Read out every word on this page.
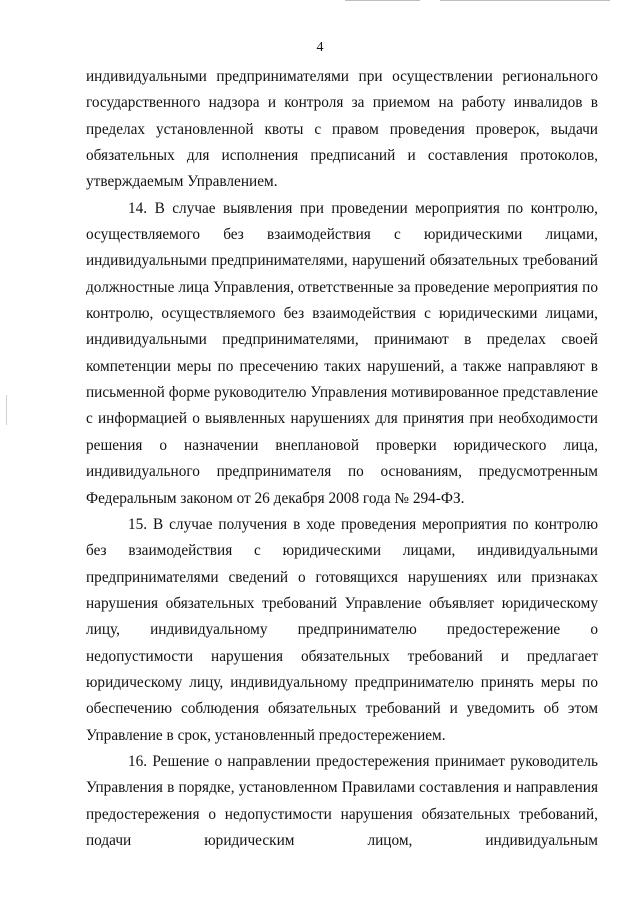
4

индивидуальными предпринимателями при осуществлении регионального государственного надзора и контроля за приемом на работу инвалидов в пределах установленной квоты с правом проведения проверок, выдачи обязательных для исполнения предписаний и составления протоколов, утверждаемым Управлением.

14. В случае выявления при проведении мероприятия по контролю, осуществляемого без взаимодействия с юридическими лицами, индивидуальными предпринимателями, нарушений обязательных требований должностные лица Управления, ответственные за проведение мероприятия по контролю, осуществляемого без взаимодействия с юридическими лицами, индивидуальными предпринимателями, принимают в пределах своей компетенции меры по пресечению таких нарушений, а также направляют в письменной форме руководителю Управления мотивированное представление с информацией о выявленных нарушениях для принятия при необходимости решения о назначении внеплановой проверки юридического лица, индивидуального предпринимателя по основаниям, предусмотренным Федеральным законом от 26 декабря 2008 года № 294-ФЗ.

15. В случае получения в ходе проведения мероприятия по контролю без взаимодействия с юридическими лицами, индивидуальными предпринимателями сведений о готовящихся нарушениях или признаках нарушения обязательных требований Управление объявляет юридическому лицу, индивидуальному предпринимателю предостережение о недопустимости нарушения обязательных требований и предлагает юридическому лицу, индивидуальному предпринимателю принять меры по обеспечению соблюдения обязательных требований и уведомить об этом Управление в срок, установленный предостережением.

16. Решение о направлении предостережения принимает руководитель Управления в порядке, установленном Правилами составления и направления предостережения о недопустимости нарушения обязательных требований, подачи юридическим лицом, индивидуальным
